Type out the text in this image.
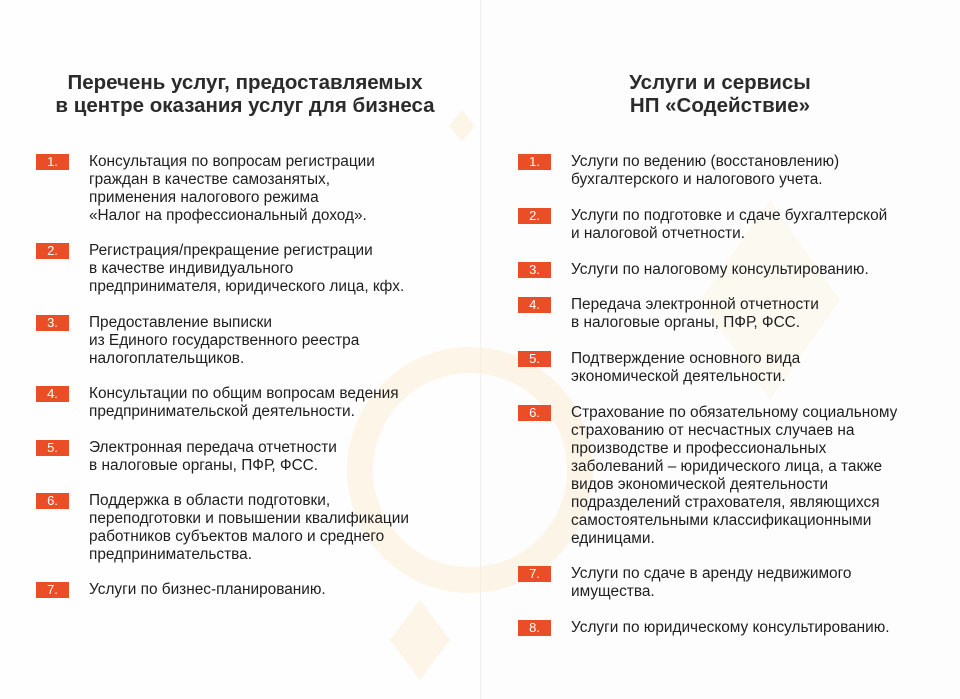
Перечень услуг, предоставляемых
в центре оказания услуг для бизнеса
1.	Консультация по вопросам регистрации
граждан в качестве самозанятых,
применения налогового режима
«Налог на профессиональный доход».
2.	Регистрация/прекращение регистрации
в качестве индивидуального
предпринимателя, юридического лица, кфх.
3.	Предоставление выписки
из Единого государственного реестра
налогоплательщиков.
4.	Консультации по общим вопросам ведения
предпринимательской деятельности.
5.	Электронная передача отчетности
в налоговые органы, ПФР, ФСС.
6.	Поддержка в области подготовки,
переподготовки и повышении квалификации
работников субъектов малого и среднего
предпринимательства.
7.	Услуги по бизнес-планированию.
Услуги и сервисы
НП «Содействие»
1.	Услуги по ведению (восстановлению)
бухгалтерского и налогового учета.
2.	Услуги по подготовке и сдаче бухгалтерской
и налоговой отчетности.
3.	Услуги по налоговому консультированию.
4.	Передача электронной отчетности
в налоговые органы, ПФР, ФСС.
5.	Подтверждение основного вида
экономической деятельности.
6.	Страхование по обязательному социальному
страхованию от несчастных случаев на
производстве и профессиональных
заболеваний – юридического лица, а также
видов экономической деятельности
подразделений страхователя, являющихся
самостоятельными классификационными
единицами.
7.	Услуги по сдаче в аренду недвижимого
имущества.
8.	Услуги по юридическому консультированию.
